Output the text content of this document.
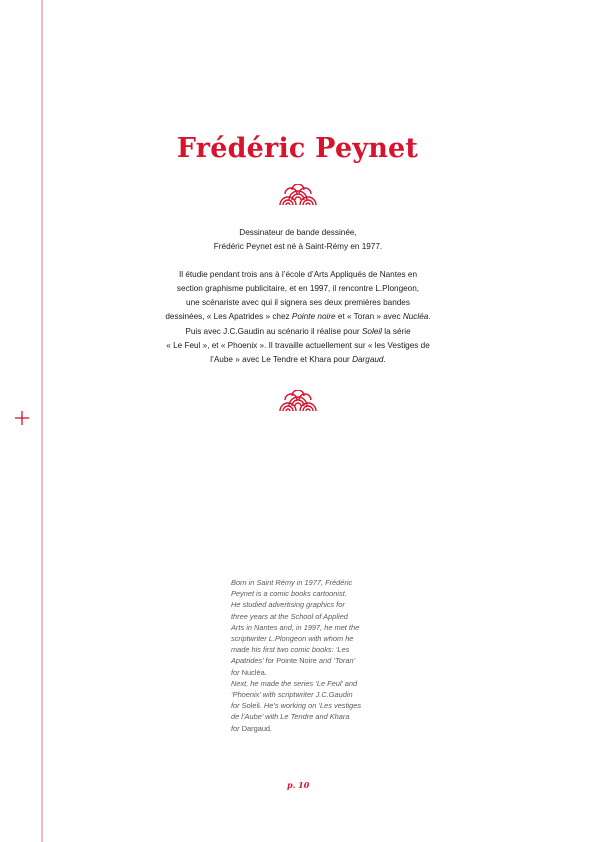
Frédéric Peynet

Dessinateur de bande dessinée,

Frédéric Peynet est né à Saint-Rémy en 1977.

Il étudie pendant trois ans à l’école d’Arts Appliqués de Nantes en

section graphisme publicitaire, et en 1997, il rencontre L.Plongeon,

une scénariste avec qui il signera ses deux premières bandes

dessinées, « Les Apatrides » chez Pointe noire et « Toran » avec Nucléa.

Puis avec J.C.Gaudin au scénario il réalise pour Soleil la série

« Le Feul », et « Phoenix ». Il travaille actuellement sur « les Vestiges de

l’Aube » avec Le Tendre et Khara pour Dargaud.

Born in Saint Rémy in 1977, Frédéric

Peynet is a comic books cartoonist.

He studied advertising graphics for

three years at the School of Applied

Arts in Nantes and, in 1997, he met the

scriptwriter L.Plongeon with whom he

made his first two comic books: ‘Les

Apatrides’ for Pointe Noire and ‘Toran’

for Nucléa.

Next, he made the series ‘Le Feul’ and

‘Phoenix’ with scriptwriter J.C.Gaudin

for Soleil. He’s working on ‘Les vestiges

de l’Aube’ with Le Tendre and Khara

for Dargaud.

p. 10
